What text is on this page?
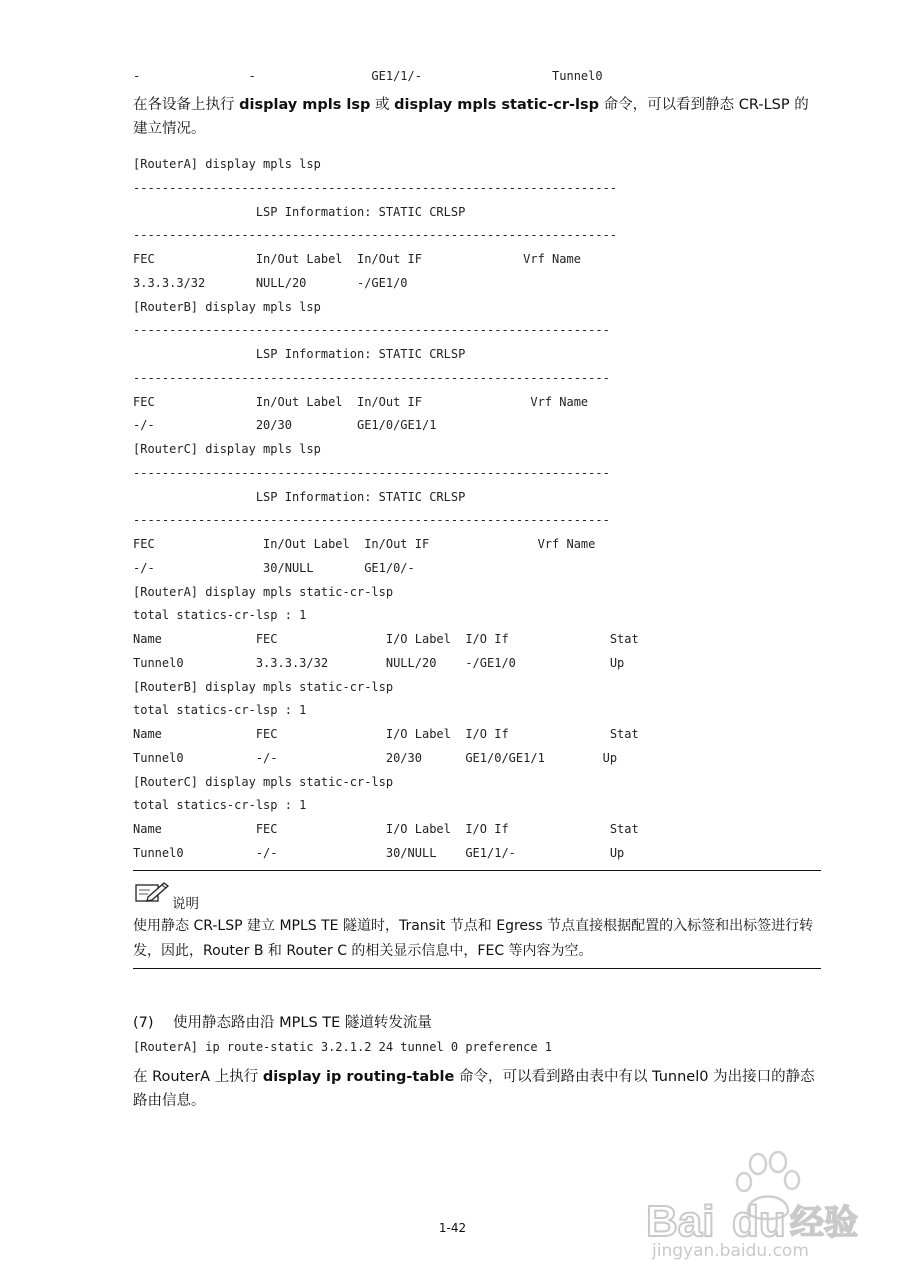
-               -                GE1/1/-                  Tunnel0
在各设备上执行 display mpls lsp 或 display mpls static-cr-lsp 命令，可以看到静态 CR-LSP 的建立情况。
[RouterA] display mpls lsp
-------------------------------------------------------------------
LSP Information: STATIC CRLSP
-------------------------------------------------------------------
FEC              In/Out Label  In/Out IF              Vrf Name
3.3.3.3/32       NULL/20       -/GE1/0
[RouterB] display mpls lsp
------------------------------------------------------------------
LSP Information: STATIC CRLSP
------------------------------------------------------------------
FEC              In/Out Label  In/Out IF               Vrf Name
-/-              20/30         GE1/0/GE1/1
[RouterC] display mpls lsp
------------------------------------------------------------------
LSP Information: STATIC CRLSP
------------------------------------------------------------------
FEC               In/Out Label  In/Out IF               Vrf Name
-/-               30/NULL       GE1/0/-
[RouterA] display mpls static-cr-lsp
total statics-cr-lsp : 1
Name             FEC               I/O Label  I/O If              Stat
Tunnel0          3.3.3.3/32        NULL/20    -/GE1/0             Up
[RouterB] display mpls static-cr-lsp
total statics-cr-lsp : 1
Name             FEC               I/O Label  I/O If              Stat
Tunnel0          -/-               20/30      GE1/0/GE1/1        Up
[RouterC] display mpls static-cr-lsp
total statics-cr-lsp : 1
Name             FEC               I/O Label  I/O If              Stat
Tunnel0          -/-               30/NULL    GE1/1/-             Up
说明
使用静态 CR-LSP 建立 MPLS TE 隧道时，Transit 节点和 Egress 节点直接根据配置的入标签和出标签进行转发，因此，Router B 和 Router C 的相关显示信息中，FEC 等内容为空。
(7) 使用静态路由沿 MPLS TE 隧道转发流量
[RouterA] ip route-static 3.2.1.2 24 tunnel 0 preference 1
在 RouterA 上执行 display ip routing-table 命令，可以看到路由表中有以 Tunnel0 为出接口的静态路由信息。
Bai du 经验
jingyan.baidu.com
1-42
